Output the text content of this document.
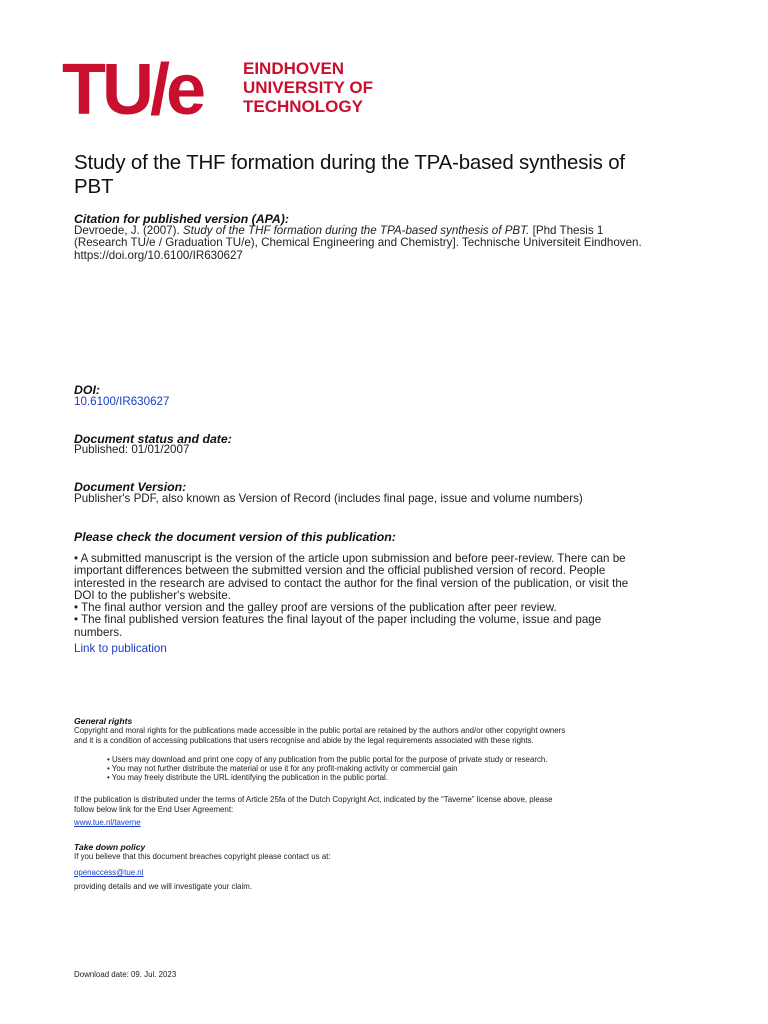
TU/e EINDHOVEN
UNIVERSITY OF
TECHNOLOGY
Study of the THF formation during the TPA-based synthesis of
PBT
Citation for published version (APA):
Devroede, J. (2007). Study of the THF formation during the TPA-based synthesis of PBT. [Phd Thesis 1
(Research TU/e / Graduation TU/e), Chemical Engineering and Chemistry]. Technische Universiteit Eindhoven.
https://doi.org/10.6100/IR630627
DOI:
10.6100/IR630627
Document status and date:
Published: 01/01/2007
Document Version:
Publisher's PDF, also known as Version of Record (includes final page, issue and volume numbers)
Please check the document version of this publication:
• A submitted manuscript is the version of the article upon submission and before peer-review. There can be
important differences between the submitted version and the official published version of record. People
interested in the research are advised to contact the author for the final version of the publication, or visit the
DOI to the publisher's website.
• The final author version and the galley proof are versions of the publication after peer review.
• The final published version features the final layout of the paper including the volume, issue and page
numbers.
Link to publication
General rights
Copyright and moral rights for the publications made accessible in the public portal are retained by the authors and/or other copyright owners
and it is a condition of accessing publications that users recognise and abide by the legal requirements associated with these rights.
• Users may download and print one copy of any publication from the public portal for the purpose of private study or research.
• You may not further distribute the material or use it for any profit-making activity or commercial gain
• You may freely distribute the URL identifying the publication in the public portal.
If the publication is distributed under the terms of Article 25fa of the Dutch Copyright Act, indicated by the “Taverne” license above, please
follow below link for the End User Agreement:
www.tue.nl/taverne
Take down policy
If you believe that this document breaches copyright please contact us at:
openaccess@tue.nl
providing details and we will investigate your claim.
Download date: 09. Jul. 2023
